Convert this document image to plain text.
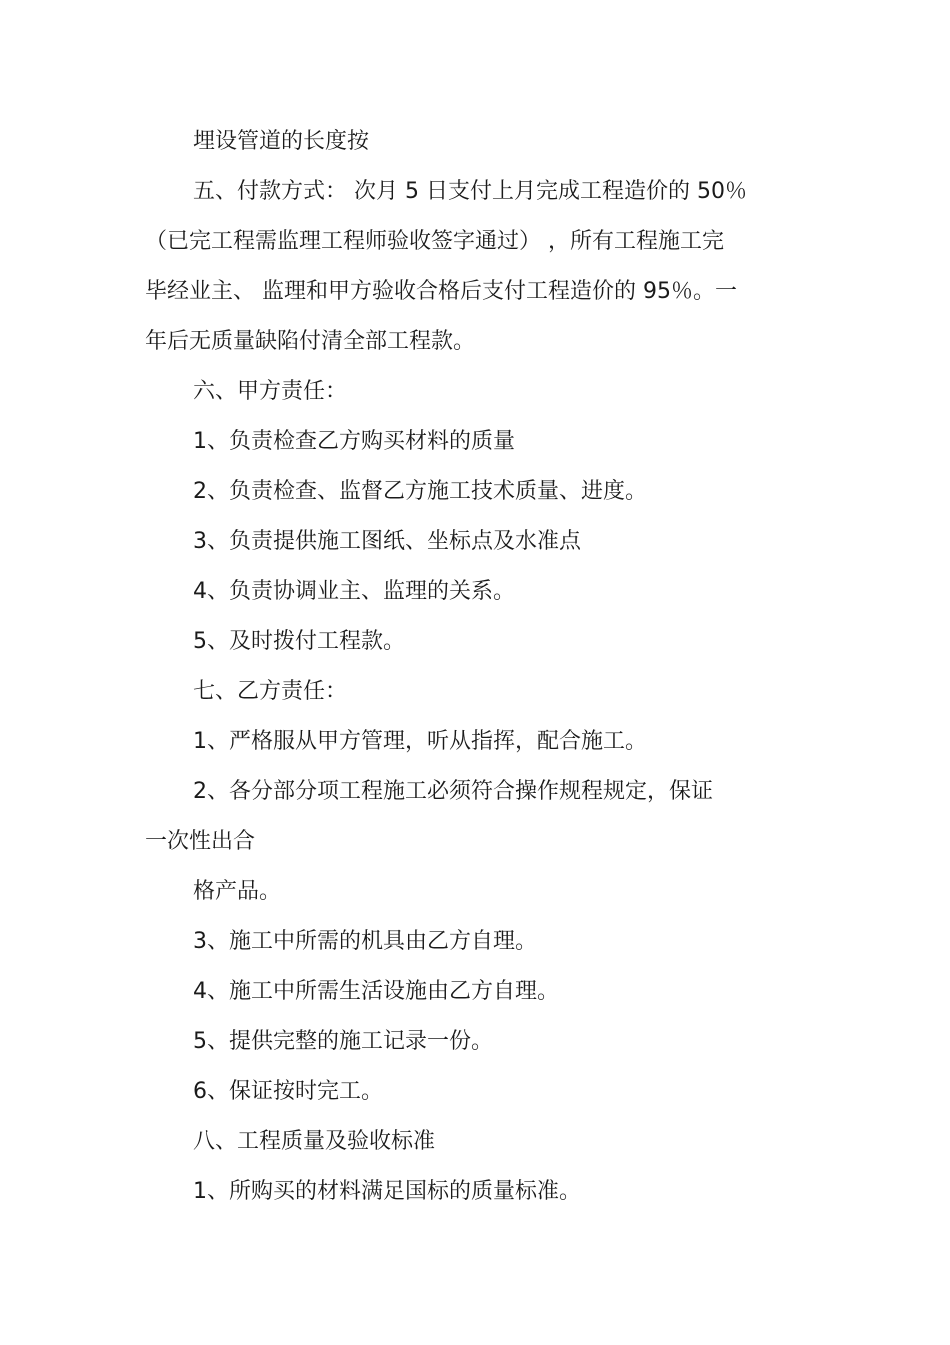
埋设管道的长度按
五、付款方式： 次月 5 日支付上月完成工程造价的 50％
（已完工程需监理工程师验收签字通过） ，所有工程施工完
毕经业主、 监理和甲方验收合格后支付工程造价的 95％。一
年后无质量缺陷付清全部工程款。
六、甲方责任：
1、负责检查乙方购买材料的质量
2、负责检查、监督乙方施工技术质量、进度。
3、负责提供施工图纸、坐标点及水准点
4、负责协调业主、监理的关系。
5、及时拨付工程款。
七、乙方责任：
1、严格服从甲方管理，听从指挥，配合施工。
2、各分部分项工程施工必须符合操作规程规定，保证
一次性出合
格产品。
3、施工中所需的机具由乙方自理。
4、施工中所需生活设施由乙方自理。
5、提供完整的施工记录一份。
6、保证按时完工。
八、工程质量及验收标准
1、所购买的材料满足国标的质量标准。
